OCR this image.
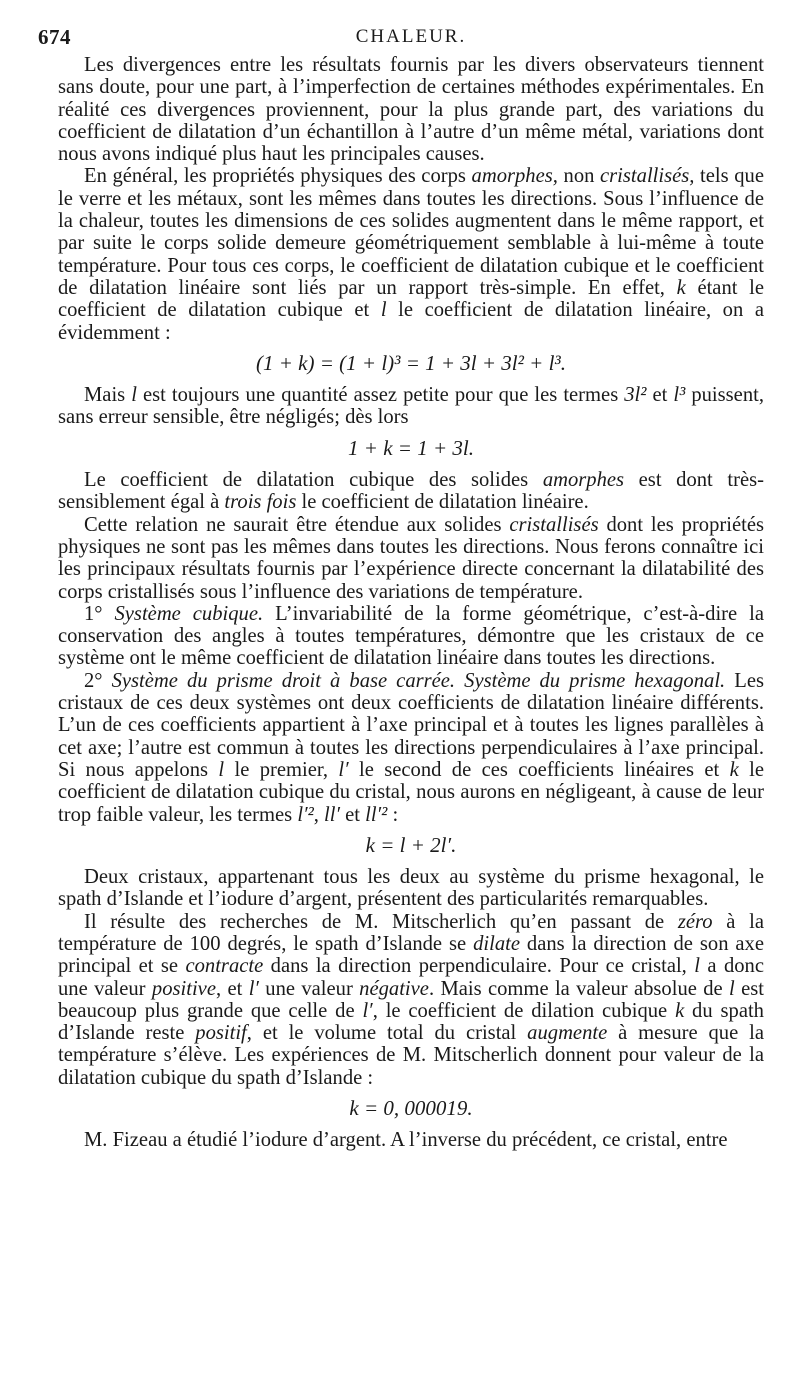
674	CHALEUR.

Les divergences entre les résultats fournis par les divers observateurs tiennent sans doute, pour une part, à l’imperfection de certaines méthodes expérimentales. En réalité ces divergences proviennent, pour la plus grande part, des variations du coefficient de dilatation d’un échantillon à l’autre d’un même métal, variations dont nous avons indiqué plus haut les principales causes.

En général, les propriétés physiques des corps amorphes, non cristallisés, tels que le verre et les métaux, sont les mêmes dans toutes les directions. Sous l’influence de la chaleur, toutes les dimensions de ces solides augmentent dans le même rapport, et par suite le corps solide demeure géométriquement semblable à lui-même à toute température. Pour tous ces corps, le coefficient de dilatation cubique et le coefficient de dilatation linéaire sont liés par un rapport très-simple. En effet, k étant le coefficient de dilatation cubique et l le coefficient de dilatation linéaire, on a évidemment :

(1 + k) = (1 + l)³ = 1 + 3l + 3l² + l³.

Mais l est toujours une quantité assez petite pour que les termes 3l² et l³ puissent, sans erreur sensible, être négligés; dès lors

1 + k = 1 + 3l.

Le coefficient de dilatation cubique des solides amorphes est dont très-sensiblement égal à trois fois le coefficient de dilatation linéaire.

Cette relation ne saurait être étendue aux solides cristallisés dont les propriétés physiques ne sont pas les mêmes dans toutes les directions. Nous ferons connaître ici les principaux résultats fournis par l’expérience directe concernant la dilatabilité des corps cristallisés sous l’influence des variations de température.

1° Système cubique. L’invariabilité de la forme géométrique, c’est-à-dire la conservation des angles à toutes températures, démontre que les cristaux de ce système ont le même coefficient de dilatation linéaire dans toutes les directions.

2° Système du prisme droit à base carrée. Système du prisme hexagonal. Les cristaux de ces deux systèmes ont deux coefficients de dilatation linéaire différents. L’un de ces coefficients appartient à l’axe principal et à toutes les lignes parallèles à cet axe; l’autre est commun à toutes les directions perpendiculaires à l’axe principal. Si nous appelons l le premier, l′ le second de ces coefficients linéaires et k le coefficient de dilatation cubique du cristal, nous aurons en négligeant, à cause de leur trop faible valeur, les termes l′², ll′ et ll′² :

k = l + 2l′.

Deux cristaux, appartenant tous les deux au système du prisme hexagonal, le spath d’Islande et l’iodure d’argent, présentent des particularités remarquables.

Il résulte des recherches de M. Mitscherlich qu’en passant de zéro à la température de 100 degrés, le spath d’Islande se dilate dans la direction de son axe principal et se contracte dans la direction perpendiculaire. Pour ce cristal, l a donc une valeur positive, et l′ une valeur négative. Mais comme la valeur absolue de l est beaucoup plus grande que celle de l′, le coefficient de dilation cubique k du spath d’Islande reste positif, et le volume total du cristal augmente à mesure que la température s’élève. Les expériences de M. Mitscherlich donnent pour valeur de la dilatation cubique du spath d’Islande :

k = 0, 000019.

M. Fizeau a étudié l’iodure d’argent. A l’inverse du précédent, ce cristal, entre
